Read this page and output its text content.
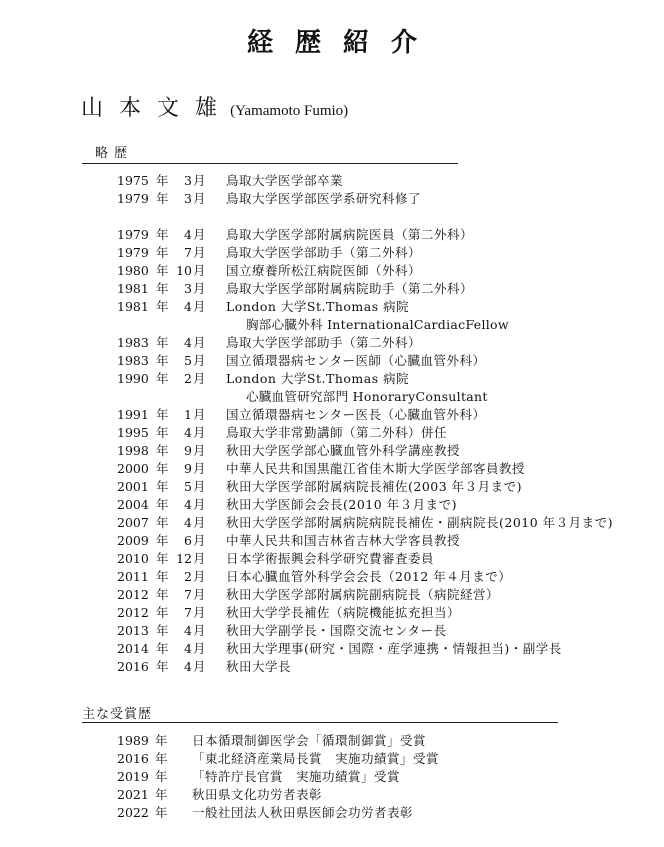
経歴紹介
山本文雄 (Yamamoto Fumio)
略歴
1975 年	3 月 鳥取大学医学部卒業
1979 年	3 月 鳥取大学医学部医学系研究科修了
1979 年	4 月 鳥取大学医学部附属病院医員（第二外科）
1979 年	7 月 鳥取大学医学部助手（第二外科）
1980 年 10 月 国立療養所松江病院医師（外科）
1981 年	3 月 鳥取大学医学部附属病院助手（第二外科）
1981 年	4 月 London 大学St.Thomas 病院
胸部心臓外科 InternationalCardiacFellow
1983 年	4 月 鳥取大学医学部助手（第二外科）
1983 年	5 月 国立循環器病センター医師（心臓血管外科）
1990 年	2 月 London 大学St.Thomas 病院
心臓血管研究部門 HonoraryConsultant
1991 年	1 月 国立循環器病センター医長（心臓血管外科）
1995 年	4 月 鳥取大学非常勤講師（第二外科）併任
1998 年	9 月 秋田大学医学部心臓血管外科学講座教授
2000 年	9 月 中華人民共和国黒龍江省佳木斯大学医学部客員教授
2001 年	5 月 秋田大学医学部附属病院長補佐(2003 年３月まで)
2004 年	4 月 秋田大学医師会会長(2010 年３月まで)
2007 年	4 月 秋田大学医学部附属病院病院長補佐・副病院長(2010 年３月まで)
2009 年	6 月 中華人民共和国吉林省吉林大学客員教授
2010 年 12 月 日本学術振興会科学研究費審査委員
2011 年	2 月 日本心臓血管外科学会会長（2012 年４月まで）
2012 年	7 月 秋田大学医学部附属病院副病院長（病院経営）
2012 年	7 月 秋田大学学長補佐（病院機能拡充担当）
2013 年	4 月 秋田大学副学長・国際交流センター長
2014 年	4 月 秋田大学理事(研究・国際・産学連携・情報担当)・副学長
2016 年	4 月 秋田大学長
主な受賞歴
1989 年 日本循環制御医学会「循環制御賞」受賞
2016 年 「東北経済産業局長賞　実施功績賞」受賞
2019 年 「特許庁長官賞　実施功績賞」受賞
2021 年 秋田県文化功労者表彰
2022 年 一般社団法人秋田県医師会功労者表彰
